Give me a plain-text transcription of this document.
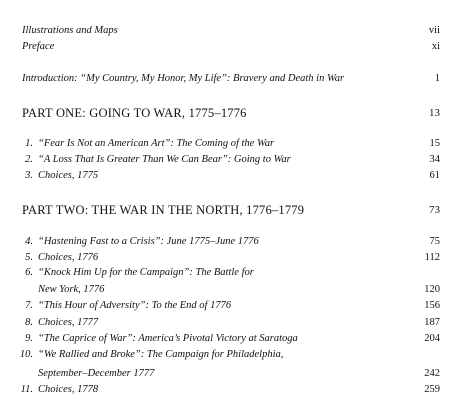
Illustrations and Maps	vii
Preface	xi
Introduction: “My Country, My Honor, My Life”: Bravery and Death in War	1
PART ONE: GOING TO WAR, 1775–1776	13
1. “Fear Is Not an American Art”: The Coming of the War	15
2. “A Loss That Is Greater Than We Can Bear”: Going to War	34
3. Choices, 1775	61
PART TWO: THE WAR IN THE NORTH, 1776–1779	73
4. “Hastening Fast to a Crisis”: June 1775–June 1776	75
5. Choices, 1776	112
6. “Knock Him Up for the Campaign”: The Battle for
New York, 1776	120
7. “This Hour of Adversity”: To the End of 1776	156
8. Choices, 1777	187
9. “The Caprice of War”: America’s Pivotal Victory at Saratoga	204
10. “We Rallied and Broke”: The Campaign for Philadelphia,
September–December 1777	242
11. Choices, 1778	259
